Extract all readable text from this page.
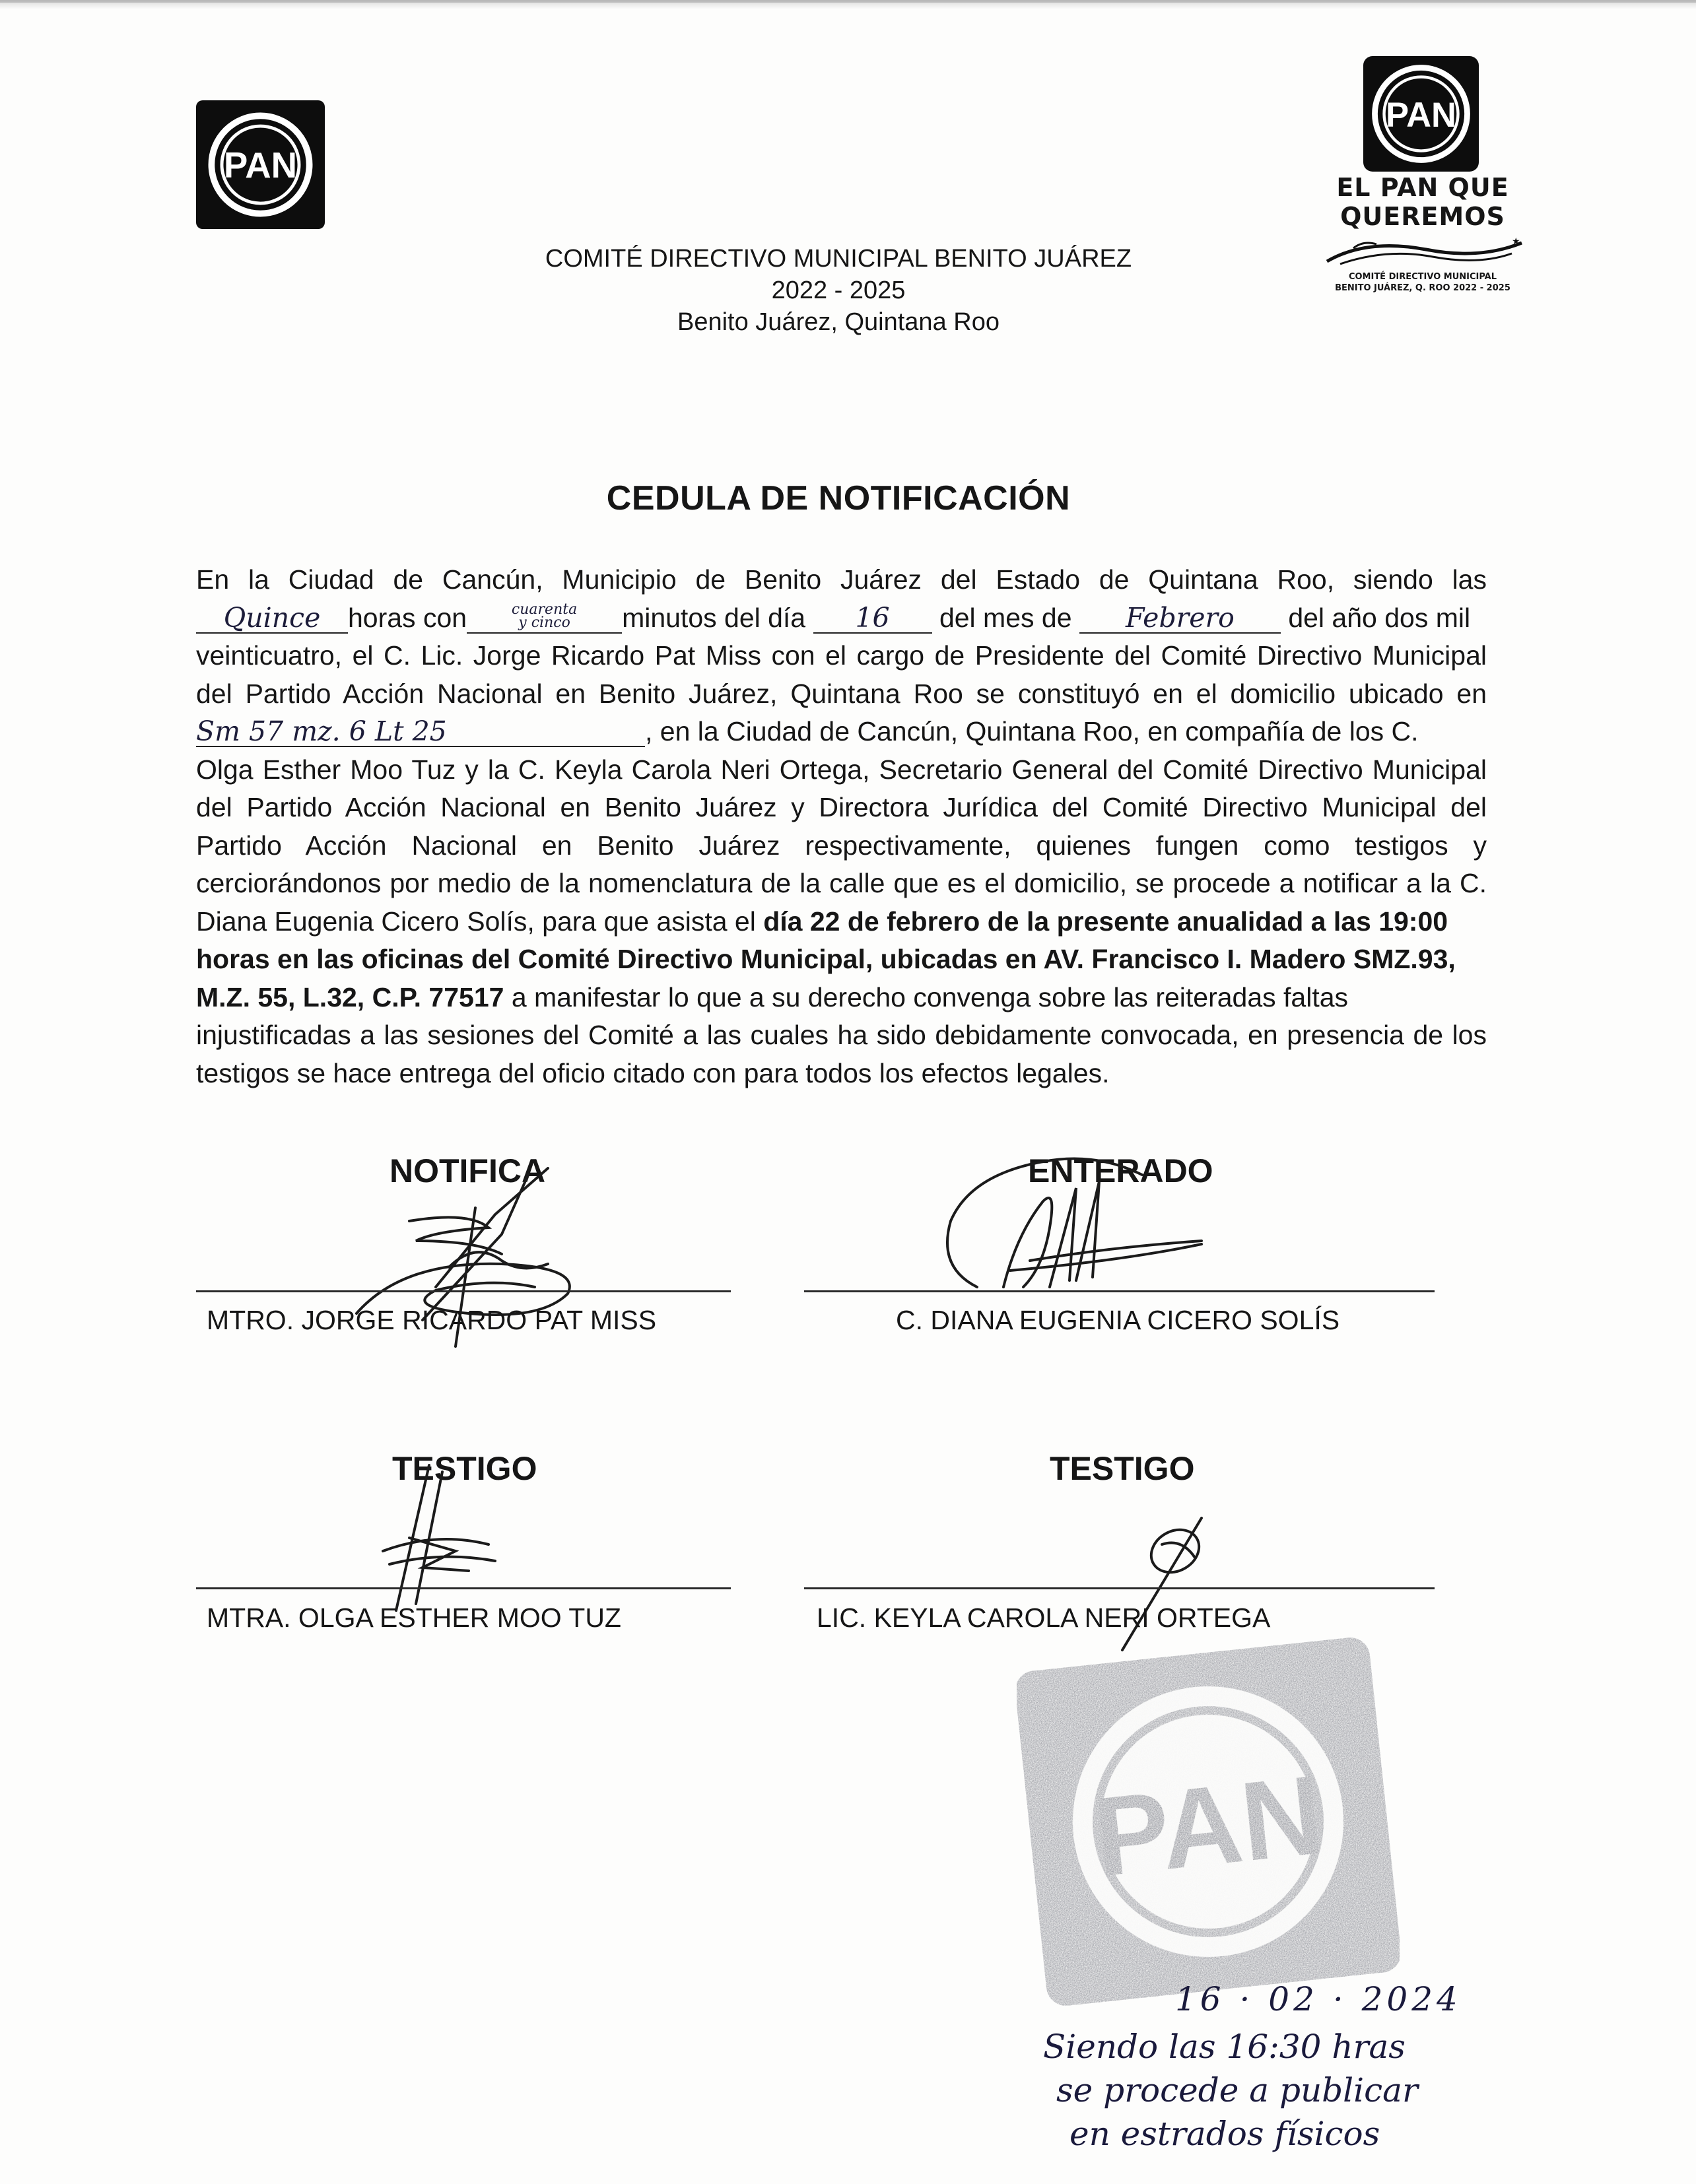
PAN
PAN
EL PAN QUE QUEREMOS
★
COMITÉ DIRECTIVO MUNICIPAL
BENITO JUÁREZ, Q. ROO 2022 - 2025
COMITÉ DIRECTIVO MUNICIPAL BENITO JUÁREZ
2022 - 2025
Benito Juárez, Quintana Roo
CEDULA DE NOTIFICACIÓN
En la Ciudad de Cancún, Municipio de Benito Juárez del Estado de Quintana Roo, siendo las
Quince horas con	cuarenta
y cinco minutos del día 16 del mes de Febrero del año dos mil
veinticuatro, el C. Lic. Jorge Ricardo Pat Miss con el cargo de Presidente del Comité Directivo Municipal
del Partido Acción Nacional en Benito Juárez, Quintana Roo se constituyó en el domicilio ubicado en
Sm 57 mz. 6 Lt 25	, en la Ciudad de Cancún, Quintana Roo, en compañía de los C.
Olga Esther Moo Tuz y la C. Keyla Carola Neri Ortega, Secretario General del Comité Directivo Municipal
del Partido Acción Nacional en Benito Juárez y Directora Jurídica del Comité Directivo Municipal del
Partido Acción Nacional en Benito Juárez respectivamente, quienes fungen como testigos y
cerciorándonos por medio de la nomenclatura de la calle que es el domicilio, se procede a notificar a la C.
Diana Eugenia Cicero Solís, para que asista el día 22 de febrero de la presente anualidad a las 19:00
horas en las oficinas del Comité Directivo Municipal, ubicadas en AV. Francisco I. Madero SMZ.93,
M.Z. 55, L.32, C.P. 77517 a manifestar lo que a su derecho convenga sobre las reiteradas faltas
injustificadas a las sesiones del Comité a las cuales ha sido debidamente convocada, en presencia de los
testigos se hace entrega del oficio citado con para todos los efectos legales.
NOTIFICA
MTRO. JORGE RICARDO PAT MISS
ENTERADO
C. DIANA EUGENIA CICERO SOLÍS
TESTIGO
MTRA. OLGA ESTHER MOO TUZ
TESTIGO
LIC. KEYLA CAROLA NERI ORTEGA
PAN
16 · 02 · 2024
Siendo las 16:30 hras
se procede a publicar
en estrados físicos
